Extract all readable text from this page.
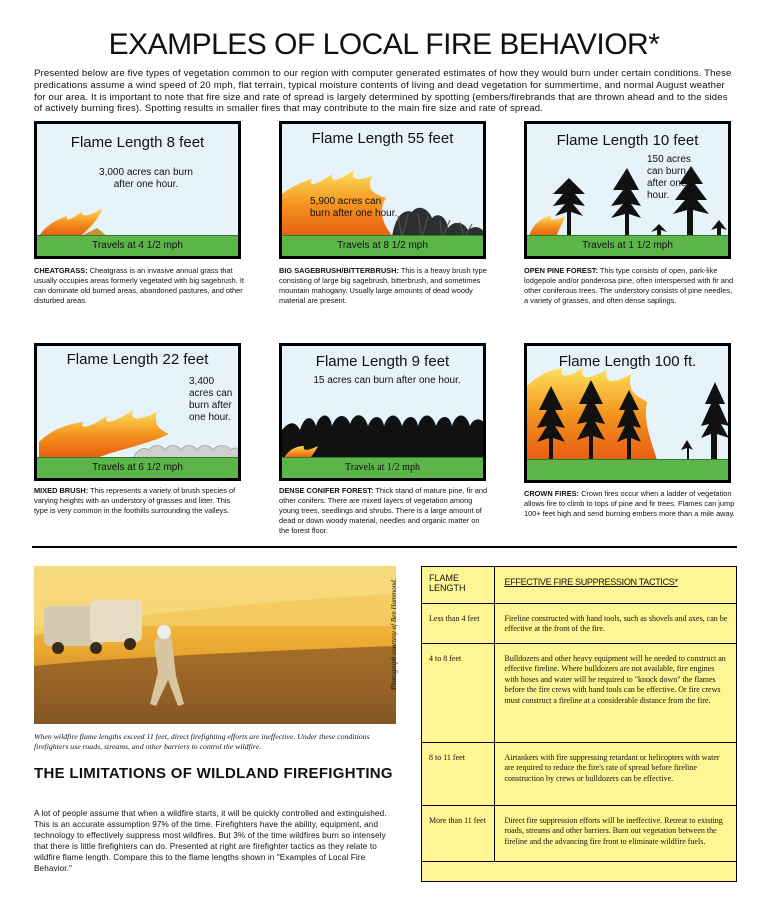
EXAMPLES OF LOCAL FIRE BEHAVIOR*

Presented below are five types of vegetation common to our region with computer generated estimates of how they would burn under certain conditions. These predications assume a wind speed of 20 mph, flat terrain, typical moisture contents of living and dead vegetation for summertime, and normal August weather for our area. It is important to note that fire size and rate of spread is largely determined by spotting (embers/firebrands that are thrown ahead and to the sides of actively burning fires). Spotting results in smaller fires that may contribute to the main fire size and rate of spread.

Flame Length 8 feet
3,000 acres can burn after one hour.
Travels at 4 1/2 mph

CHEATGRASS: Cheatgrass is an invasive annual grass that usually occupies areas formerly vegetated with big sagebrush. It can dominate old burned areas, abandoned pastures, and other disturbed areas.

Flame Length 55 feet
5,900 acres can burn after one hour.
Travels at 8 1/2 mph

BIG SAGEBRUSH/BITTERBRUSH: This is a heavy brush type consisting of large big sagebrush, bitterbrush, and sometimes mountain mahogany. Usually large amounts of dead woody material are present.

Flame Length 10 feet
150 acres can burn after one hour.
Travels at 1 1/2 mph

OPEN PINE FOREST: This type consists of open, park-like lodgepole and/or ponderosa pine, often interspersed with fir and other coniferous trees. The understory consists of pine needles, a variety of grasses, and often dense saplings.

Flame Length 22 feet
3,400 acres can burn after one hour.
Travels at 6 1/2 mph

MIXED BRUSH: This represents a variety of brush species of varying heights with an understory of grasses and litter. This type is very common in the foothills surrounding the valleys.

Flame Length 9 feet
15 acres can burn after one hour.
Travels at 1/2 mph

DENSE CONIFER FOREST: Thick stand of mature pine, fir and other conifers. There are mixed layers of vegetation among young trees, seedlings and shrubs. There is a large amount of dead or down woody material, needles and organic matter on the forest floor.

Flame Length 100 ft.

CROWN FIRES: Crown fires occur when a ladder of vegetation allows fire to climb to tops of pine and fir trees. Flames can jump 100+ feet high and send burning embers more than a mile away.

Photograph courtesy of Ben Hammond.

When wildfire flame lengths exceed 11 feet, direct firefighting efforts are ineffective. Under these conditions firefighters use roads, streams, and other barriers to control the wildfire.

THE LIMITATIONS OF WILDLAND FIREFIGHTING

A lot of people assume that when a wildfire starts, it will be quickly controlled and extinguished. This is an accurate assumption 97% of the time. Firefighters have the ability, equipment, and technology to effectively suppress most wildfires. But 3% of the time wildfires burn so intensely that there is little firefighters can do. Presented at right are firefighter tactics as they relate to wildfire flame length. Compare this to the flame lengths shown in "Examples of Local Fire Behavior."

FLAME LENGTH	EFFECTIVE FIRE SUPPRESSION TACTICS*
Less than 4 feet	Fireline constructed with hand tools, such as shovels and axes, can be effective at the front of the fire.
4 to 8 feet	Bulldozers and other heavy equipment will be needed to construct an effective fireline. Where bulldozers are not available, fire engines with hoses and water will be required to "knock down" the flames before the fire crews with hand tools can be effective. Or fire crews must construct a fireline at a considerable distance from the fire.
8 to 11 feet	Airtankers with fire suppressing retardant or helicopters with water are required to reduce the fire's rate of spread before fireline construction by crews or bulldozers can be effective.
More than 11 feet	Direct fire suppression efforts will be ineffective. Retreat to existing roads, streams and other barriers. Burn out vegetation between the fireline and the advancing fire front to eliminate wildfire fuels.
